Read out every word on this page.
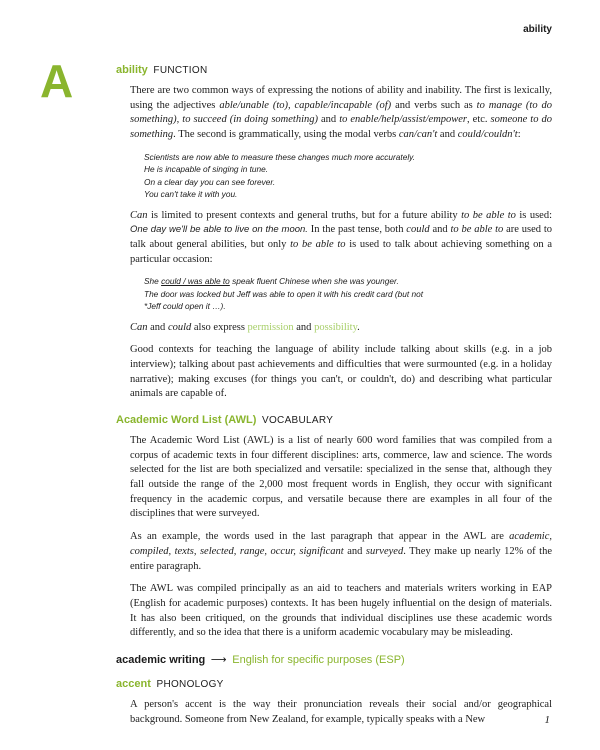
ability
A	ability FUNCTION

There are two common ways of expressing the notions of ability and inability. The first is lexically, using the adjectives able/unable (to), capable/incapable (of) and verbs such as to manage (to do something), to succeed (in doing something) and to enable/help/assist/empower, etc. someone to do something. The second is grammatically, using the modal verbs can/can't and could/couldn't:

Scientists are now able to measure these changes much more accurately.
He is incapable of singing in tune.
On a clear day you can see forever.
You can't take it with you.

Can is limited to present contexts and general truths, but for a future ability to be able to is used: One day we'll be able to live on the moon. In the past tense, both could and to be able to are used to talk about general abilities, but only to be able to is used to talk about achieving something on a particular occasion:

She could / was able to speak fluent Chinese when she was younger.
The door was locked but Jeff was able to open it with his credit card (but not
*Jeff could open it …).

Can and could also express permission and possibility.

Good contexts for teaching the language of ability include talking about skills (e.g. in a job interview); talking about past achievements and difficulties that were surmounted (e.g. in a holiday narrative); making excuses (for things you can't, or couldn't, do) and describing what particular animals are capable of.

Academic Word List (AWL) VOCABULARY

The Academic Word List (AWL) is a list of nearly 600 word families that was compiled from a corpus of academic texts in four different disciplines: arts, commerce, law and science. The words selected for the list are both specialized and versatile: specialized in the sense that, although they fall outside the range of the 2,000 most frequent words in English, they occur with significant frequency in the academic corpus, and versatile because there are examples in all four of the disciplines that were surveyed.

As an example, the words used in the last paragraph that appear in the AWL are academic, compiled, texts, selected, range, occur, significant and surveyed. They make up nearly 12% of the entire paragraph.

The AWL was compiled principally as an aid to teachers and materials writers working in EAP (English for academic purposes) contexts. It has been hugely influential on the design of materials. It has also been critiqued, on the grounds that individual disciplines use these academic words differently, and so the idea that there is a uniform academic vocabulary may be misleading.

academic writing ⟶ English for specific purposes (ESP)
accent PHONOLOGY

A person's accent is the way their pronunciation reveals their social and/or geographical background. Someone from New Zealand, for example, typically speaks with a New	1
